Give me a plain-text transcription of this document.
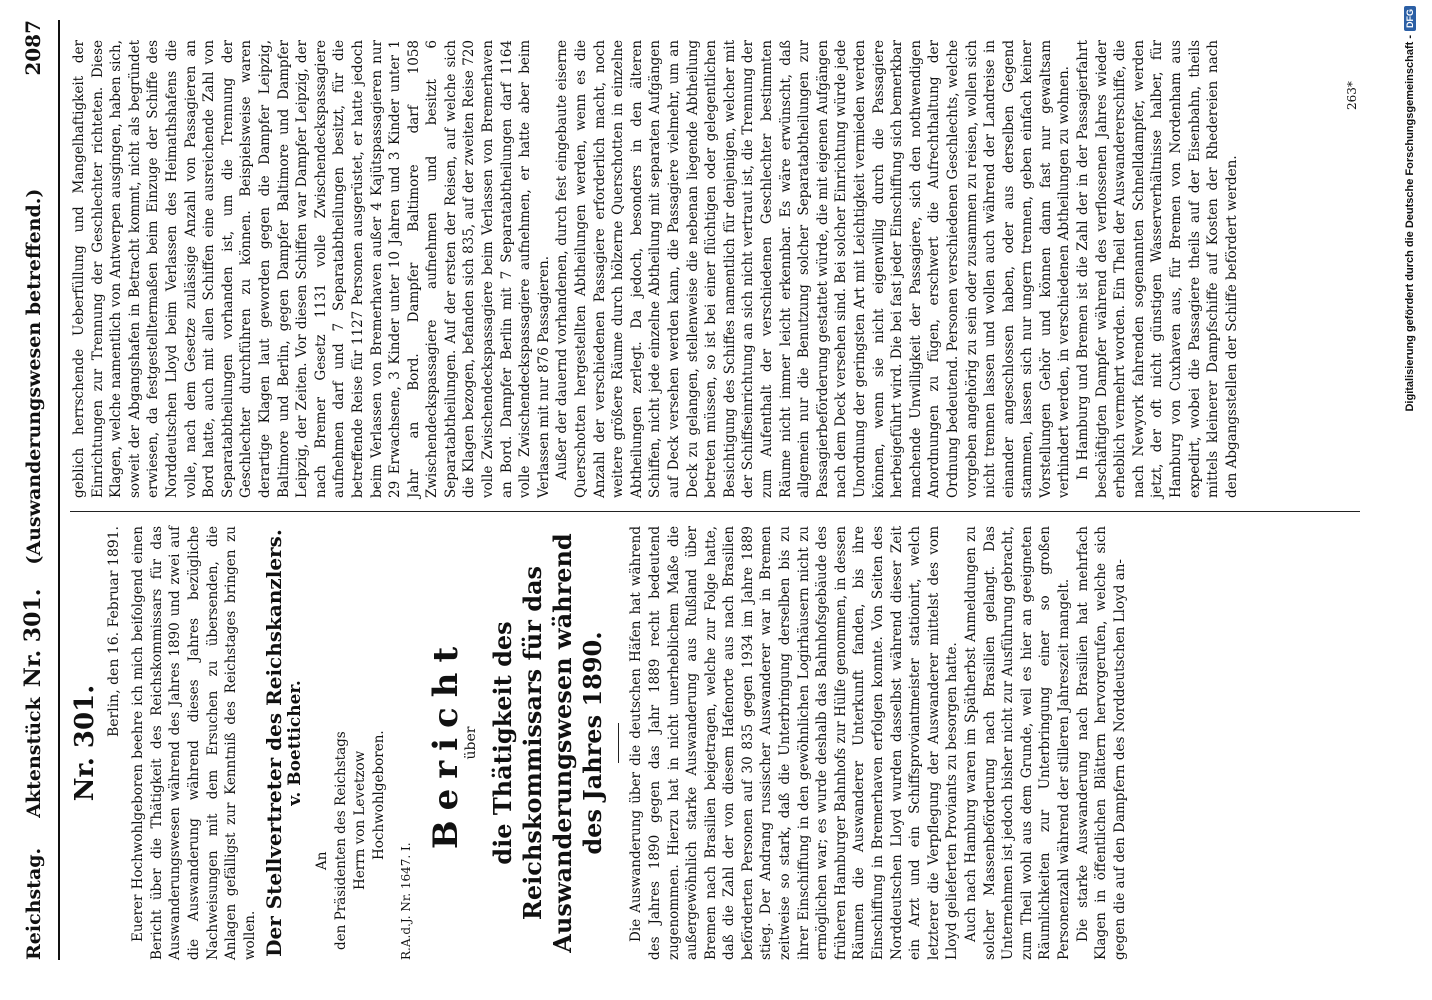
Reichstag.
Aktenstück
Nr. 301.
(Auswanderungswesen betreffend.)
2087
Nr. 301.
Berlin, den 16. Februar 1891. Euerer Hochwohlgeboren beehre ich mich beifolgend einen Bericht über die Thätigkeit des Reichskommissars für das Auswanderungswesen während des Jahres 1890 und zwei auf die Auswanderung während dieses Jahres bezügliche Nachweisungen mit dem Ersuchen zu übersenden, die Anlagen gefälligst zur Kenntniß des Reichstages bringen zu wollen. Der Stellvertreter des Reichskanzlers.
v. Boetticher.
An den Präsidenten des Reichstags Herrn von Levetzow Hochwohlgeboren.
R.A.d.J. Nr. 1647. I.
Bericht
über die Thätigkeit des Reichskommissars für das Auswanderungswesen während des Jahres 1890. Die Auswanderung über die deutschen Häfen hat während des Jahres 1890 gegen das Jahr 1889 recht bedeutend zugenommen. Hierzu hat in nicht unerheblichem Maße die außergewöhnlich starke Auswanderung aus Rußland über Bremen nach Brasilien beigetragen, welche zur Folge hatte, daß die Zahl der von diesem Hafenorte aus nach Brasilien beförderten Personen auf 30 835 gegen 1934 im Jahre 1889 stieg. Der Andrang russischer Auswanderer war in Bremen zeitweise so stark, daß die Unterbringung derselben bis zu ihrer Einschiffung in den gewöhnlichen Logirhäusern nicht zu ermöglichen war; es wurde deshalb das Bahnhofsgebäude des früheren Hamburger Bahnhofs zur Hülfe genommen, in dessen Räumen die Auswanderer Unterkunft fanden, bis ihre Einschiffung in Bremerhaven erfolgen konnte. Von Seiten des Norddeutschen Lloyd wurden dasselbst während dieser Zeit ein Arzt und ein Schiffsproviantmeister stationirt, welch letzterer die Verpflegung der Auswanderer mittelst des vom Lloyd gelieferten Proviants zu besorgen hatte. Auch nach Hamburg waren im Spätherbst Anmeldungen zu solcher Massenbeförderung nach Brasilien gelangt. Das Unternehmen ist jedoch bisher nicht zur Ausführung gebracht, zum Theil wohl aus dem Grunde, weil es hier an geeigneten Räumlichkeiten zur Unterbringung einer so großen Personenzahl während der stilleren Jahreszeit mangelt. Die starke Auswanderung nach Brasilien hat mehrfach Klagen in öffentlichen Blättern hervorgerufen, welche sich gegen die auf den Dampfern des Norddeutschen Lloyd an-

geblich herrschende Ueberfüllung und Mangelhaftigkeit der Einrichtungen zur Trennung der Geschlechter richteten. Diese Klagen, welche namentlich von Antwerpen ausgingen, haben sich, soweit der Abgangshafen in Betracht kommt, nicht als begründet erwiesen, da festgestelltermaßen beim Einzuge der Schiffe des Norddeutschen Lloyd beim Verlassen des Heimathshafens die volle, nach dem Gesetze zulässige Anzahl von Passagieren an Bord hatte, auch mit allen Schiffen eine ausreichende Zahl von Separatabtheilungen vorhanden ist, um die Trennung der Geschlechter durchführen zu können. Beispielsweise waren derartige Klagen laut geworden gegen die Dampfer Leipzig, Baltimore und Berlin, gegen Dampfer Baltimore und Dampfer Leipzig, der Zeiten. Vor diesen Schiffen war Dampfer Leipzig, der nach Bremer Gesetz 1131 volle Zwischendeckspassagiere aufnehmen darf und 7 Separatabtheilungen besitzt, für die betreffende Reise für 1127 Personen ausgerüstet, er hatte jedoch beim Verlassen von Bremerhaven außer 4 Kajütspassagieren nur 29 Erwachsene, 3 Kinder unter 10 Jahren und 3 Kinder unter 1 Jahr an Bord. Dampfer Baltimore darf 1058 Zwischendeckspassagiere aufnehmen und besitzt 6 Separatabtheilungen. Auf der ersten der Reisen, auf welche sich die Klagen bezogen, befanden sich 835, auf der zweiten Reise 720 volle Zwischendeckspassagiere beim Verlassen von Bremerhaven an Bord. Dampfer Berlin mit 7 Separatabtheilungen darf 1164 volle Zwischendeckspassagiere aufnehmen, er hatte aber beim Verlassen mit nur 876 Passagieren. Außer der dauernd vorhandenen, durch fest eingebaute eiserne Querschotten hergestellten Abtheilungen werden, wenn es die Anzahl der verschiedenen Passagiere erforderlich macht, noch weitere größere Räume durch hölzerne Querschotten in einzelne Abtheilungen zerlegt. Da jedoch, besonders in den älteren Schiffen, nicht jede einzelne Abtheilung mit separaten Aufgängen auf Deck versehen werden kann, die Passagiere vielmehr, um an Deck zu gelangen, stellenweise die nebenan liegende Abtheilung betreten müssen, so ist bei einer flüchtigen oder gelegentlichen Besichtigung des Schiffes namentlich für denjenigen, welcher mit der Schiffseinrichtung an sich nicht vertraut ist, die Trennung der zum Aufenthalt der verschiedenen Geschlechter bestimmten Räume nicht immer leicht erkennbar. Es wäre erwünscht, daß allgemein nur die Benutzung solcher Separatabtheilungen zur Passagierbeförderung gestattet würde, die mit eigenen Aufgängen nach dem Deck versehen sind. Bei solcher Einrichtung würde jede Unordnung der geringsten Art mit Leichtigkeit vermieden werden können, wenn sie nicht eigenwillig durch die Passagiere herbeigeführt wird. Die bei fast jeder Einschiffung sich bemerkbar machende Unwilligkeit der Passagiere, sich den nothwendigen Anordnungen zu fügen, erschwert die Aufrechthaltung der Ordnung bedeutend. Personen verschiedenen Geschlechts, welche vorgeben angehörig zu sein oder zusammen zu reisen, wollen sich nicht trennen lassen und wollen auch während der Landreise in einander angeschlossen haben, oder aus derselben Gegend stammen, lassen sich nur ungern trennen, geben einfach keiner Vorstellungen Gehör und können dann fast nur gewaltsam verhindert werden, in verschiedenen Abtheilungen zu wohnen. In Hamburg und Bremen ist die Zahl der in der Passagierfahrt beschäftigten Dampfer während des verflossenen Jahres wieder erheblich vermehrt worden. Ein Theil der Auswandererschiffe, die nach Newyork fahrenden sogenannten Schnelldampfer, werden jetzt, der oft nicht günstigen Wasserverhältnisse halber, für Hamburg von Cuxhaven aus, für Bremen von Nordenham aus expedirt, wobei die Passagiere theils auf der Eisenbahn, theils mittels kleinerer Dampfschiffe auf Kosten der Rhedereien nach den Abgangsstellen der Schiffe befördert werden.

263*	Digitalisierung gefördert durch die Deutsche Forschungsgemeinschaft -
DFG
